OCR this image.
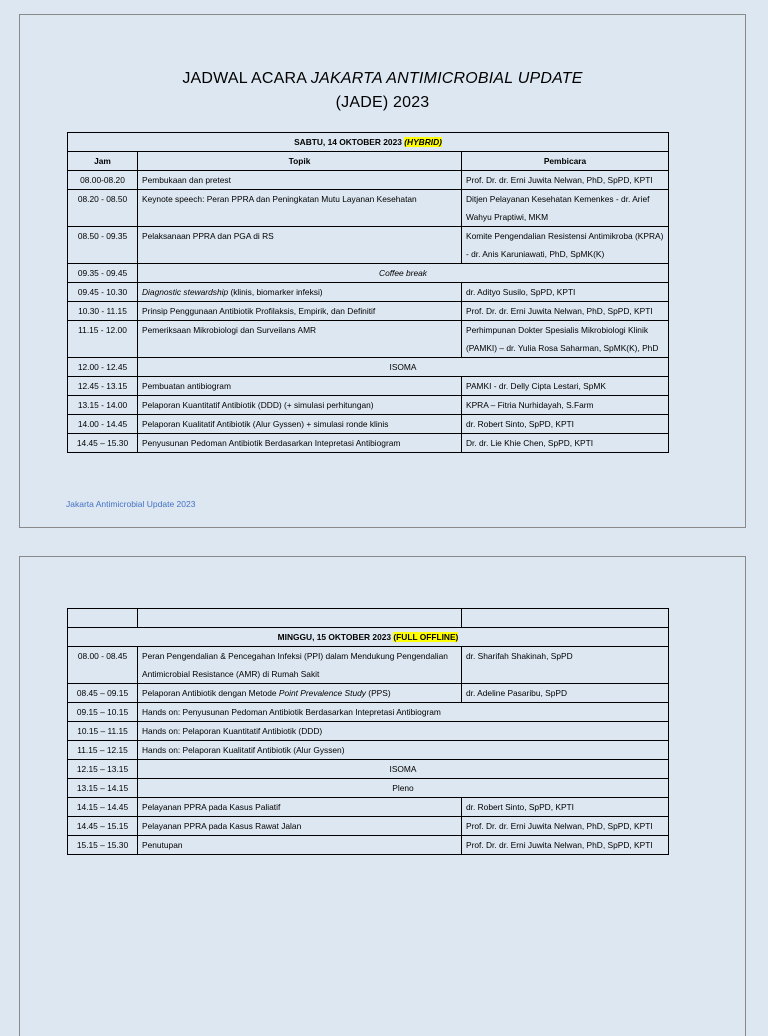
JADWAL ACARA JAKARTA ANTIMICROBIAL UPDATE
(JADE) 2023
SABTU, 14 OKTOBER 2023 (HYBRID)		
Jam	Topik	Pembicara
08.00-08.20	Pembukaan dan pretest	Prof. Dr. dr. Erni Juwita Nelwan, PhD, SpPD, KPTI
08.20 - 08.50	Keynote speech: Peran PPRA dan Peningkatan Mutu Layanan Kesehatan	Ditjen Pelayanan Kesehatan Kemenkes - dr. Arief Wahyu Praptiwi, MKM
08.50 - 09.35	Pelaksanaan PPRA dan PGA di RS	Komite Pengendalian Resistensi Antimikroba (KPRA) - dr. Anis Karuniawati, PhD, SpMK(K)
09.35 - 09.45	Coffee break	
09.45 - 10.30	Diagnostic stewardship (klinis, biomarker infeksi)	dr. Adityo Susilo, SpPD, KPTI
10.30 - 11.15	Prinsip Penggunaan Antibiotik Profilaksis, Empirik, dan Definitif	Prof. Dr. dr. Erni Juwita Nelwan, PhD, SpPD, KPTI
11.15 - 12.00	Pemeriksaan Mikrobiologi dan Surveilans AMR	Perhimpunan Dokter Spesialis Mikrobiologi Klinik (PAMKI) – dr. Yulia Rosa Saharman, SpMK(K), PhD
12.00 - 12.45	ISOMA	
12.45 - 13.15	Pembuatan antibiogram	PAMKI - dr. Delly Cipta Lestari, SpMK
13.15 - 14.00	Pelaporan Kuantitatif Antibiotik (DDD) (+ simulasi perhitungan)	KPRA – Fitria Nurhidayah, S.Farm
14.00 - 14.45	Pelaporan Kualitatif Antibiotik (Alur Gyssen) + simulasi ronde klinis	dr. Robert Sinto, SpPD, KPTI
14.45 – 15.30	Penyusunan Pedoman Antibiotik Berdasarkan Intepretasi Antibiogram	Dr. dr. Lie Khie Chen, SpPD, KPTI
Jakarta Antimicrobial Update 2023

MINGGU, 15 OKTOBER 2023 (FULL OFFLINE)		
08.00 - 08.45	Peran Pengendalian & Pencegahan Infeksi (PPI) dalam Mendukung Pengendalian Antimicrobial Resistance (AMR) di Rumah Sakit	dr. Sharifah Shakinah, SpPD
08.45 – 09.15	Pelaporan Antibiotik dengan Metode Point Prevalence Study (PPS)	dr. Adeline Pasaribu, SpPD
09.15 – 10.15	Hands on: Penyusunan Pedoman Antibiotik Berdasarkan Intepretasi Antibiogram	
10.15 – 11.15	Hands on: Pelaporan Kuantitatif Antibiotik (DDD)	
11.15 – 12.15	Hands on: Pelaporan Kualitatif Antibiotik (Alur Gyssen)	
12.15 – 13.15	ISOMA	
13.15 – 14.15	Pleno	
14.15 – 14.45	Pelayanan PPRA pada Kasus Paliatif	dr. Robert Sinto, SpPD, KPTI
14.45 – 15.15	Pelayanan PPRA pada Kasus Rawat Jalan	Prof. Dr. dr. Erni Juwita Nelwan, PhD, SpPD, KPTI
15.15 – 15.30	Penutupan	Prof. Dr. dr. Erni Juwita Nelwan, PhD, SpPD, KPTI
